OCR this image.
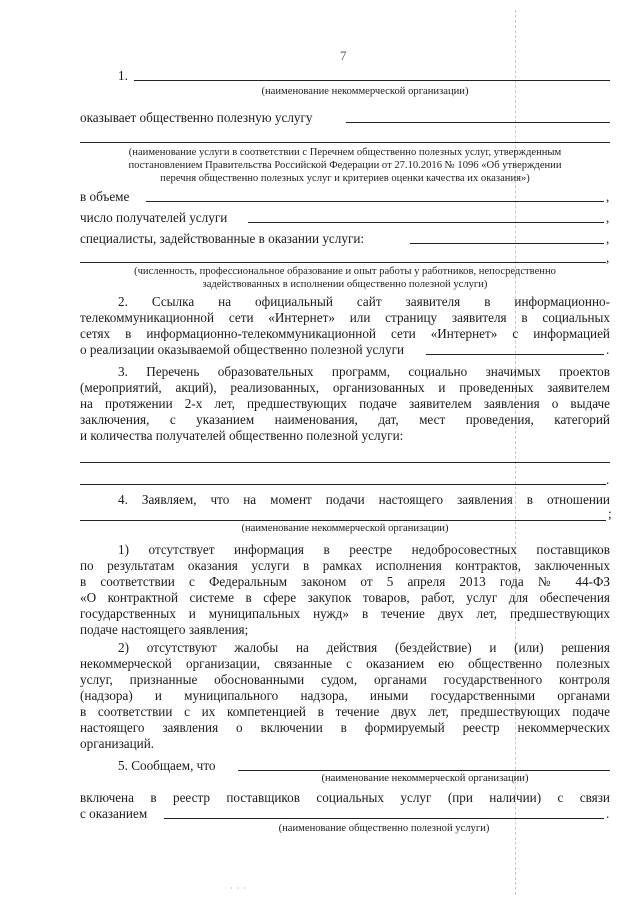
7
1.
(наименование некоммерческой организации)
оказывает общественно полезную услугу
(наименование услуги в соответствии с Перечнем общественно полезных услуг, утвержденным
постановлением Правительства Российской Федерации от 27.10.2016 № 1096 «Об утверждении
перечня общественно полезных услуг и критериев оценки качества их оказания»)
в объеме	,
число получателей услуги	,
специалисты, задействованные в оказании услуги:	,
,
(численность, профессиональное образование и опыт работы у работников, непосредственно
задействованных в исполнении общественно полезной услуги)
2. Ссылка на официальный сайт заявителя в информационно-
телекоммуникационной сети «Интернет» или страницу заявителя в социальных
сетях в информационно-телекоммуникационной сети «Интернет» с информацией
о реализации оказываемой общественно полезной услуги	.
3. Перечень образовательных программ, социально значимых проектов
(мероприятий, акций), реализованных, организованных и проведенных заявителем
на протяжении 2-х лет, предшествующих подаче заявителем заявления о выдаче
заключения, с указанием наименования, дат, мест проведения, категорий
и количества получателей общественно полезной услуги:
.
4. Заявляем, что на момент подачи настоящего заявления в отношении
;
(наименование некоммерческой организации)
1) отсутствует информация в реестре недобросовестных поставщиков
по результатам оказания услуги в рамках исполнения контрактов, заключенных
в соответствии с Федеральным законом от 5 апреля 2013 года № 44-ФЗ
«О контрактной системе в сфере закупок товаров, работ, услуг для обеспечения
государственных и муниципальных нужд» в течение двух лет, предшествующих
подаче настоящего заявления;
2) отсутствуют жалобы на действия (бездействие) и (или) решения
некоммерческой организации, связанные с оказанием ею общественно полезных
услуг, признанные обоснованными судом, органами государственного контроля
(надзора) и муниципального надзора, иными государственными органами
в соответствии с их компетенцией в течение двух лет, предшествующих подаче
настоящего заявления о включении в формируемый реестр некоммерческих
организаций.
5. Сообщаем, что
(наименование некоммерческой организации)
включена в реестр поставщиков социальных услуг (при наличии) с связи
с оказанием	.
(наименование общественно полезной услуги)
· · ·
